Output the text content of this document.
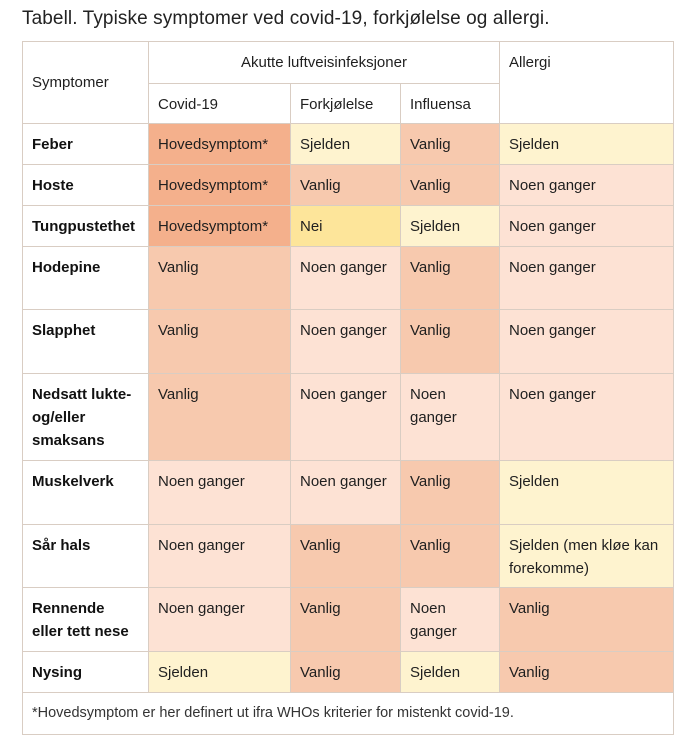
Tabell. Typiske symptomer ved covid-19, forkjølelse og allergi.
Symptomer	Akutte luftveisinfeksjoner			Allergi
	Covid-19	Forkjølelse	Influensa	
Feber	Hovedsymptom*	Sjelden	Vanlig	Sjelden
Hoste	Hovedsymptom*	Vanlig	Vanlig	Noen ganger
Tungpustethet	Hovedsymptom*	Nei	Sjelden	Noen ganger
Hodepine	Vanlig	Noen ganger	Vanlig	Noen ganger
Slapphet	Vanlig	Noen ganger	Vanlig	Noen ganger
Nedsatt lukte- og/eller smaksans	Vanlig	Noen ganger	Noen ganger	Noen ganger
Muskelverk	Noen ganger	Noen ganger	Vanlig	Sjelden
Sår hals	Noen ganger	Vanlig	Vanlig	Sjelden (men kløe kan forekomme)
Rennende eller tett nese	Noen ganger	Vanlig	Noen ganger	Vanlig
Nysing	Sjelden	Vanlig	Sjelden	Vanlig
*Hovedsymptom er her definert ut ifra WHOs kriterier for mistenkt covid-19.				
